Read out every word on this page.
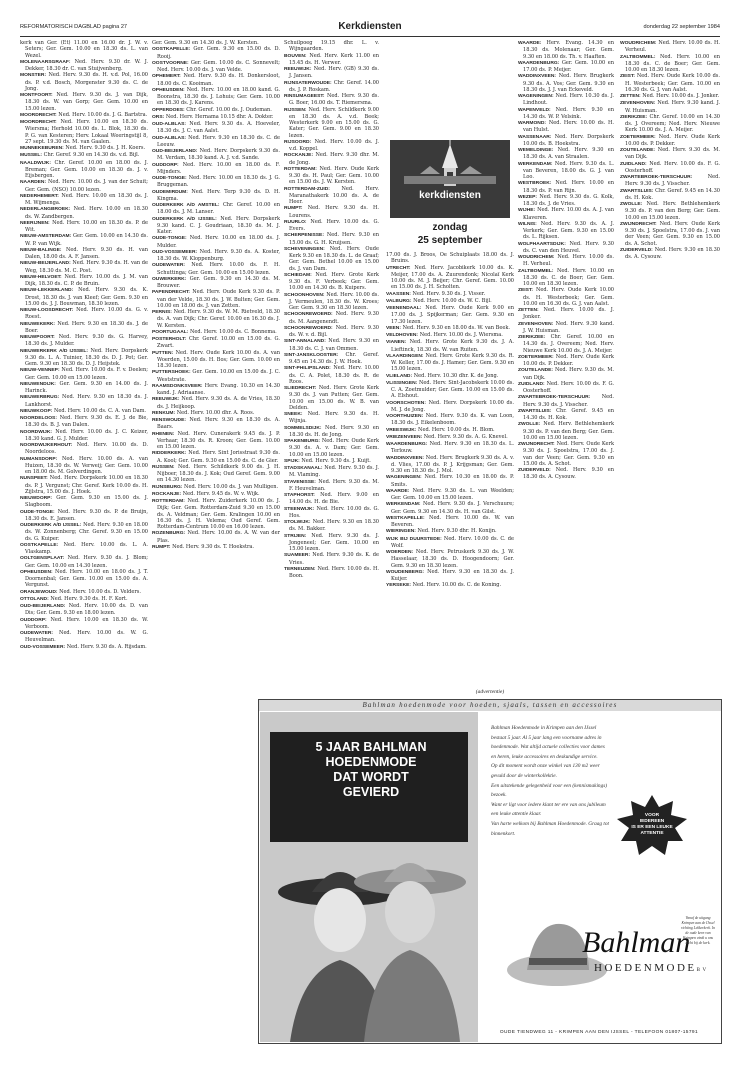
REFORMATORISCH DAGBLAD pagina 27	Kerkdiensten	donderdag 22 september 1984

kerk van Ger. (Et) 11.00 en 16.00 dr. J. W. v. Seters; Ger. Gem. 10.00 en 18.30 ds. L. van Wezel.

MOLENAARSGRAAF: Ned. Herv. 9.30 dr. W. J. Dekker, 18.30 dr. C. van Stuijvenberg.

MONSTER: Ned. Herv. 9.30 ds. H. v.d. Pol, 16.00 ds. P. v.d. Bosch, Morgenster 9.30 ds. C. de Jong.

MONTFOORT: Ned. Herv. 9.30 ds. J. van Dijk, 18.30 ds. W. van Gorp; Ger. Gem. 10.00 en 15.00 lezen.

MOORDRECHT: Ned. Herv. 10.00 ds. J. G. Bartstra.

MOORDRECHT: Ned. Herv. 10.00 en 18.30 ds. Wiersma; Herhold 10.00 ds. L. Blok, 18.30 ds. P. G. van Kesteren; Herv. Lokaal Weeringstijl 8, 27 sept. 19.30 ds. M. van Gaalen.

MUNNEKEBUREN: Ned. Herv. 9.30 ds. J. H. Koers.

MUSSEL: Chr. Geref. 9.30 en 14.30 ds. v.d. Bijl.

NAALDWIJK: Chr. Geref. 10.00 en 18.00 ds. J. Breman; Ger. Gem. 10.00 en 18.30 ds. J. v. Eijsbergen.

NAARDEN: Ned. Herv. 10.00 ds. J. van der Schuit; Ger. Gem. (NSO) 10.00 lezen.

NEDERHEMERT: Ned. Herv. 10.00 en 18.30 ds. J. M. Wijmenga.

NEDERLANGBROEK: Ned. Herv. 10.00 en 18.30 ds. W. Zandbergen.

NEERIJNEN: Ned. Herv. 10.00 en 18.30 ds. P. de Wit.

NIEUW-AMSTERDAM: Ger. Gem. 10.00 en 14.30 ds. W. P. van Wijk.

NIEUW-BALINGE: Ned. Herv. 9.30 ds. H. van Dalen, 18.00 ds. A. F. Jansen.

NIEUW-BEIJERLAND: Ned. Herv. 9.30 ds. H. van de Weg, 18.30 ds. M. C. Post.

NIEUW-HELVOET: Ned. Herv. 10.00 ds. J. M. van Dijk, 18.30 ds. C. P. de Bruin.

NIEUW-LEKKERLAND: Ned. Herv. 9.30 ds. K. Drost, 18.30 ds. J. van Kleef; Ger. Gem. 9.30 en 15.00 ds. J. J. Bouwman, 18.30 lezen.

NIEUW-LOOSDRECHT: Ned. Herv. 10.00 ds. G. v. Roest.

NIEUWEKERK: Ned. Herv. 9.30 en 18.30 ds. J. de Boer.

NIEUWPOORT: Ned. Herv. 9.30 ds. G. Harvey, 18.30 ds. J. Mulder.

NIEUWERKERK A/D IJSSEL: Ned. Herv. Dorpskerk 9.30 ds. L. A. Tuinier, 18.30 ds. D. J. Pot; Ger. Gem. 9.30 en 18.30 ds. D. J. Heijstek.

NIEUW-VENNEP: Ned. Herv. 10.00 ds. F. v. Deelen; Ger. Gem. 10.00 en 15.00 lezen.

NIEUWENDIJK: Ger. Gem. 9.30 en 14.00 ds. J. Harinck.

NIEUWERBRUG: Ned. Herv. 9.30 en 18.30 ds. J. Lankhorst.

NIEUWKOOP: Ned. Herv. 10.00 ds. C. A. van Dam.

NOORDELOOS: Ned. Herv. 9.30 ds. E. J. de Bie, 18.30 ds. B. J. van Dalen.

NOORDWIJK: Ned. Herv. 10.00 ds. J. C. Keizer, 18.30 kand. G. J. Mulder.

NOORDWIJKERHOUT: Ned. Herv. 10.00 ds. D. Noordeloos.

NUMANSDORP: Ned. Herv. 10.00 ds. A. van Huizen, 18.30 ds. W. Verweij; Ger. Gem. 10.00 en 18.00 ds. M. Golverdingen.

NUNSPEET: Ned. Herv. Dorpskerk 10.00 en 18.30 ds. P. J. Vergunst; Chr. Geref. Kerk 10.00 ds. H. Zijlstra, 15.00 ds. J. Hoek.

NIEUWDORP: Ger. Gem. 9.30 en 15.00 ds. J. Slagboom.

OUDE-TONGE: Ned. Herv. 9.30 ds. P. de Bruijn, 18.30 ds. E. Jansen.

OUDERKERK A/D IJSSEL: Ned. Herv. 9.30 en 18.00 ds. W. Zonnenberg; Chr. Geref. 9.30 en 15.00 ds. G. Kuiper.

OOSTKAPELLE: Ned. Herv. 10.00 ds. L. A. Vlaskamp.

OOLTGENSPLAAT: Ned. Herv. 9.30 ds. J. Blom; Ger. Gem. 10.00 en 14.30 lezen.

OPHEUSDEN: Ned. Herv. 10.00 en 18.00 ds. J. T. Doornenbal; Ger. Gem. 10.00 en 15.00 ds. A. Vergunst.

ORANJEWOUD: Ned. Herv. 10.00 ds. D. Velders.

OTTOLAND: Ned. Herv. 9.30 ds. H. F. Kort.

OUD-BEIJERLAND: Ned. Herv. 10.00 ds. D. van Dis; Ger. Gem. 9.30 en 18.00 lezen.

OUDDORP: Ned. Herv. 10.00 en 18.30 ds. W. Verboom.

OUDEWATER: Ned. Herv. 10.00 ds. W. G. Heuvelman.

OUD-VOSSEMEER: Ned. Herv. 9.30 ds. A. Rijsdam.

Ger. Gem. 9.30 en 14.30 ds. J. W. Kersten.

OOSTKAPELLE: Ger. Gem. 9.30 en 15.00 ds. D. Rooij.

OOSTVOORNE: Ger. Gem. 10.00 ds. C. Sonnevelt; Ned. Herv. 10.00 ds. J. van Velde.

OPHEMERT: Ned. Herv. 9.30 ds. H. Donkersloot, 18.00 ds. C. Kooiman.

OPHEUSDEN: Ned. Herv. 10.00 en 18.00 kand. G. Boonstra, 18.30 ds. J. Lohuis; Ger. Gem. 10.00 en 18.30 ds. J. Karens.

OPPERDOES: Chr. Geref. 10.00 ds. J. Oudeman.

ORS: Ned. Herv. Hernama 10.15 dhr. A. Dokter.

OUD-ALBLAS: Ned. Herv. 9.30 ds. A. Hoeveler, 18.30 ds. J. C. van Aalst.

OUD-ALBLAS: Ned. Herv. 9.30 en 18.30 ds. C. de Leeuw.

OUD-BEIJERLAND: Ned. Herv. Dorpskerk 9.30 ds. M. Verdam, 18.30 kand. A. J. v.d. Sande.

OUDDORP: Ned. Herv. 10.00 en 18.00 ds. F. Mijnders.

OUDE-TONGE: Ned. Herv. 10.00 en 18.30 ds. J. G. Bruggeman.

OUDEMIRDUM: Ned. Herv. Terp 9.30 ds. D. H. Kingma.

OUDERKERK A/D AMSTEL: Chr. Geref. 10.00 en 18.00 ds. J. M. Lanser.

OUDERKERK A/D IJSSEL: Ned. Herv. Dorpskerk 9.30 kand. C. J. Goudriaan, 18.30 ds. M. J. Kater.

OUDE-TONGE: Ned. Herv. 10.00 en 18.00 ds. J. Mulder.

OUD-VOSSEMEER: Ned. Herv. 9.30 ds. A. Koster, 18.30 ds. W. Kloppenburg.

OUDEWATER: Ned. Herv. 10.00 ds. F. H. Schuttinga; Ger. Gem. 10.00 en 15.00 lezen.

OUWERKERK: Ger. Gem. 9.30 en 14.30 ds. M. Brouwer.

PAPENDRECHT: Ned. Herv. Oude Kerk 9.30 ds. P. van der Velde, 18.30 ds. J. W. Bulten; Ger. Gem. 10.00 en 18.00 ds. J. van Zetten.

PERNIS: Ned. Herv. 9.30 ds. W. M. Rietveld, 18.30 ds. A. van Dijk; Chr. Geref. 10.00 en 16.30 ds. J. W. Kersten.

POORTUGAAL: Ned. Herv. 10.00 ds. C. Bonnema.

POSTERHOLT: Chr. Geref. 10.00 en 15.00 ds. G. Zwart.

PUTTEN: Ned. Herv. Oude Kerk 10.00 ds. A. van Woerden, 15.00 ds. H. Bos; Ger. Gem. 10.00 en 18.30 lezen.

PUTTERSHOEK: Ger. Gem. 10.00 en 15.00 ds. J. C. Weststrate.

RAAMSDONKSVEER: Herv. Evang. 10.30 en 14.30 kand. J. Adriaanse.

REEUWIJK: Ned. Herv. 9.30 ds. A. de Vries, 18.30 ds. J. Heijkoop.

RENKUM: Ned. Herv. 10.00 dhr. A. Roos.

RENSWOUDE: Ned. Herv. 9.30 en 18.30 ds. A. Baars.

RHENEN: Ned. Herv. Cunerakerk 9.45 ds. J. P. Verhaar, 18.30 ds. R. Kroon; Ger. Gem. 10.00 en 15.00 lezen.

RIDDERKERK: Ned. Herv. Sint Jorisstraat 9.30 ds. A. Kool; Ger. Gem. 9.30 en 15.00 ds. C. de Gier.

RIJSSEN: Ned. Herv. Schildkerk 9.00 ds. J. H. Nijboer, 18.30 ds. J. Kok; Oud Geref. Gem. 9.00 en 14.30 lezen.

RIJNSBURG: Ned. Herv. 10.00 ds. J. van Mulligen.

ROCKANJE: Ned. Herv. 9.45 ds. W. v. Wijk.

ROTTERDAM: Ned. Herv. Zuiderkerk 10.00 ds. J. Dijk; Ger. Gem. Rotterdam-Zuid 9.30 en 15.00 ds. A. Veldman; Ger. Gem. Kralingen 10.00 en 16.30 ds. J. H. Velema; Oud Geref. Gem. Rotterdam-Centrum 10.00 en 16.00 lezen.

ROZENBURG: Ned. Herv. 10.00 ds. A. W. van der Plas.

RUMPT: Ned. Herv. 9.30 ds. T. Hoekstra.

Schuilpoeg 19.15 dhr. L. v. Wijngaarden.

BOUVEN: Ned. Herv. Kerk 11.00 en 15.45 ds. H. Verwer.

REEUWIJK: Ned. Herv. (GB) 9.30 ds. J. Jansen.

RIJNSATERWOUDE: Chr. Geref. 14.00 ds. J. P. Roskam.

RINSUMAGEEST: Ned. Herv. 9.30 ds. G. Boer, 16.00 ds. T. Riemersma.

RIJSSEN: Ned. Herv. Schildkerk 9.00 en 18.30 ds. A. v.d. Beek; Westerkerk 9.00 en 15.00 ds. G. Kater; Ger. Gem. 9.00 en 18.30 lezen.

RIJSOORD: Ned. Herv. 10.00 ds. J. v.d. Koppel.

ROCKANJE: Ned. Herv. 9.30 dhr. M. de Jong.

ROTTERDAM: Ned. Herv. Oude Kerk 9.30 ds. H. Paul; Ger. Gem. 10.00 en 15.00 ds. J. W. Kersten.

ROTTERDAM-ZUID: Ned. Herv. Maranathakerk 10.00 ds. A. de Heer.

RUMPT: Ned. Herv. 9.30 ds. H. Lourens.

RUURLO: Ned. Herv. 10.00 ds. G. Evers.

SCHERPENISSE: Ned. Herv. 9.30 en 15.00 ds. G. H. Kruijsen.

SCHEVENINGEN: Ned. Herv. Oude Kerk 9.30 en 18.30 ds. L. de Graaf; Ger. Gem. Bethel 10.00 en 15.00 ds. J. van Dam.

SCHIEDAM: Ned. Herv. Grote Kerk 9.30 ds. F. Verbeek; Ger. Gem. 10.00 en 14.30 ds. B. Kuipers.

SCHOONHOVEN: Ned. Herv. 10.00 ds. J. Vermeulen, 18.30 ds. W. Kroes; Ger. Gem. 9.30 en 18.30 lezen.

SCHOONREWOERD: Ned. Herv. 9.30 ds. M. Aangenendt.

SCHOONREWOERD: Ned. Herv. 9.30 ds. W. v. d. Bijl.

SINT-ANNALAND: Ned. Herv. 9.30 en 18.30 ds. C. J. van Ommen.

SINT-JANSKLOOSTER: Chr. Geref. 9.45 en 14.30 ds. J. W. Hoek.

SINT-PHILIPSLAND: Ned. Herv. 10.00 ds. C. A. Polet, 18.30 ds. R. de Roos.

SLIEDRECHT: Ned. Herv. Grote Kerk 9.30 ds. J. van Putten; Ger. Gem. 10.00 en 15.00 ds. W. B. van Delden.

SNEEK: Ned. Herv. 9.30 ds. H. Wijnja.

SOMMELSDIJK: Ned. Herv. 9.30 en 18.30 ds. H. de Jong.

SPAKENBURG: Ned. Herv. Oude Kerk 9.30 ds. A. v. Dam; Ger. Gem. 10.00 en 15.00 lezen.

SPIJK: Ned. Herv. 9.30 ds. J. Kuijt.

STADSKANAAL: Ned. Herv. 9.30 ds. J. M. Vlaming.

STAVENISSE: Ned. Herv. 9.30 ds. M. F. Heuvelman.

STAPHORST: Ned. Herv. 9.00 en 14.00 ds. H. de Bie.

STEENWIJK: Ned. Herv. 10.00 ds. G. Hos.

STOLWIJK: Ned. Herv. 9.30 en 18.30 ds. M. Bakker.

STRIJEN: Ned. Herv. 9.30 ds. J. Jongeneel; Ger. Gem. 10.00 en 15.00 lezen.

SUAMEER: Ned. Herv. 9.30 ds. K. de Vries.

TERNEUZEN: Ned. Herv. 10.00 ds. H. Boon.

17.00 ds. J. Broos, Oe Schuiplaats 18.00 ds. J. Bruins.

UTRECHT: Ned. Herv. Jacobikerk 10.00 ds. K. Meijer, 17.00 ds. A. Zuurendonk; Nicolaï Kerk 10.00 ds. M. J. Beijer; Chr. Geref. Gem. 10.00 en 15.00 ds. J. H. Scholten.

VAASSEN: Ned. Herv. 9.30 ds. J. Visser.

VALBURG: Ned. Herv. 10.00 ds. W. C. Bijl.

VEENENDAAL: Ned. Herv. Oude Kerk 9.00 en 17.00 ds. J. Spijkerman; Ger. Gem. 9.30 en 17.30 lezen.

VEEN: Ned. Herv. 9.30 en 18.00 ds. W. van Beek.

VELDHOVEN: Ned. Herv. 10.00 ds. J. Wiersma.

VIANEN: Ned. Herv. Grote Kerk 9.30 ds. J. A. Lieftinck, 18.30 ds. W. van Ruiten.

VLAARDINGEN: Ned. Herv. Grote Kerk 9.30 ds. R. W. Keller, 17.00 ds. J. Hamer; Ger. Gem. 9.30 en 15.00 lezen.

VLIELAND: Ned. Herv. 10.30 dhr. K. de Jong.

VLISSINGEN: Ned. Herv. Sint-Jacobskerk 10.00 ds. C. A. Zoetmulder; Ger. Gem. 10.00 en 15.00 ds. A. Elshout.

VOORSCHOTEN: Ned. Herv. Dorpskerk 10.00 ds. M. J. de Jong.

VOORTHUIZEN: Ned. Herv. 9.30 ds. K. van Loon, 18.30 ds. J. Eikelenboom.

VREESWIJK: Ned. Herv. 10.00 ds. H. Blom.

VRIEZENVEEN: Ned. Herv. 9.30 ds. A. G. Knevel.

WAARDENBURG: Ned. Herv. 9.30 en 18.30 ds. L. Terlouw.

WADDINXVEEN: Ned. Herv. Brugkerk 9.30 ds. A. v. d. Vlies, 17.00 ds. P. J. Krijgsman; Ger. Gem. 9.30 en 18.30 ds. J. Mol.

WAGENINGEN: Ned. Herv. 10.30 en 18.00 ds. P. Smits.

WAARDE: Ned. Herv. 9.30 ds. L. van Weelden; Ger. Gem. 10.00 en 15.00 lezen.

WERKENDAM: Ned. Herv. 9.30 ds. J. Verschuure; Ger. Gem. 9.30 en 14.30 ds. H. van Gilst.

WESTKAPELLE: Ned. Herv. 10.00 ds. W. van Beveren.

WIERINGEN: Ned. Herv. 9.30 dhr. H. Konijn.

WIJK BIJ DUURSTEDE: Ned. Herv. 10.00 ds. C. de Wolf.

WOERDEN: Ned. Herv. Petruskerk 9.30 ds. J. W. Hasselaar, 18.30 ds. D. Hoogendoorn; Ger. Gem. 9.30 en 18.30 lezen.

WOUDENBERG: Ned. Herv. 9.30 en 18.30 ds. J. Kuijer.

YERSEKE: Ned. Herv. 10.00 ds. C. de Koning.

WAARDE: Herv. Evang. 14.30 en 18.30 ds. Molenaar; Ger. Gem. 9.30 en 18.00 ds. Th. v. Haaften.

WAARDENBURG: Ger. Gem. 10.00 en 17.00 ds. P. Meijer.

WADDINXVEEN: Ned. Herv. Brugkerk 9.30 ds. A. Vos; Ger. Gem. 9.30 en 18.30 ds. J. J. van Eckeveld.

WAGENINGEN: Ned. Herv. 10.30 ds. J. Lindhout.

WAPENVELD: Ned. Herv. 9.30 en 14.30 ds. W. P. Velsink.

WARMOND: Ned. Herv. 10.00 ds. H. van Hulst.

WASSENAAR: Ned. Herv. Dorpskerk 10.00 ds. B. Hoekstra.

WEMELDINGE: Ned. Herv. 9.30 en 18.30 ds. A. van Straalen.

WERKENDAM: Ned. Herv. 9.30 ds. L. van Beveren, 18.00 ds. G. J. van Loo.

WESTBROEK: Ned. Herv. 10.00 en 18.30 ds. P. van Rijn.

WEZEP: Ned. Herv. 9.30 ds. G. Kolk, 18.30 ds. J. de Vries.

WIJHE: Ned. Herv. 10.00 ds. A. J. van Klaveren.

WILNIS: Ned. Herv. 9.30 ds. A. J. Verkerk; Ger. Gem. 9.30 en 15.00 ds. L. Rijksen.

WOLPHAARTSDIJK: Ned. Herv. 9.30 ds. C. van den Heuvel.

WOUDRICHEM: Ned. Herv. 10.00 ds. H. Verheul.

ZALTBOMMEL: Ned. Herv. 10.00 en 18.30 ds. C. de Boer; Ger. Gem. 10.00 en 18.30 lezen.

ZEIST: Ned. Herv. Oude Kerk 10.00 ds. H. Westerbeek; Ger. Gem. 10.00 en 16.30 ds. G. J. van Aalst.

ZETTEN: Ned. Herv. 10.00 ds. J. Jonker.

ZEVENHOVEN: Ned. Herv. 9.30 kand. J. W. Huisman.

ZIERIKZEE: Chr. Geref. 10.00 en 14.30 ds. J. Overeem; Ned. Herv. Nieuwe Kerk 10.00 ds. J. A. Meijer.

ZOETERMEER: Ned. Herv. Oude Kerk 10.00 ds. P. Dekker.

ZOUTELANDE: Ned. Herv. 9.30 ds. M. van Dijk.

ZUIDLAND: Ned. Herv. 10.00 ds. F. G. Oosterhoff.

ZWARTEBROEK-TERSCHUUR: Ned. Herv. 9.30 ds. J. Visscher.

ZWARTSLUIS: Chr. Geref. 9.45 en 14.30 ds. H. Kok.

ZWOLLE: Ned. Herv. Bethlehemkerk 9.30 ds. P. van den Berg; Ger. Gem. 10.00 en 15.00 lezen.

ZWIJNDRECHT: Ned. Herv. Oude Kerk 9.30 ds. J. Spoelstra, 17.00 ds. J. van der Veen; Ger. Gem. 9.30 en 15.00 ds. A. Schot.

ZUIDERVELD: Ned. Herv. 9.30 en 18.30 ds. A. Cysouw.

WOUDRICHEM: Ned. Herv. 10.00 ds. H. Verheul.

ZALTBOMMEL: Ned. Herv. 10.00 en 18.30 ds. C. de Boer; Ger. Gem. 10.00 en 18.30 lezen.

ZEIST: Ned. Herv. Oude Kerk 10.00 ds. H. Westerbeek; Ger. Gem. 10.00 en 16.30 ds. G. J. van Aalst.

ZETTEN: Ned. Herv. 10.00 ds. J. Jonker.

ZEVENHOVEN: Ned. Herv. 9.30 kand. J. W. Huisman.

ZIERIKZEE: Chr. Geref. 10.00 en 14.30 ds. J. Overeem; Ned. Herv. Nieuwe Kerk 10.00 ds. J. A. Meijer.

ZOETERMEER: Ned. Herv. Oude Kerk 10.00 ds. P. Dekker.

ZOUTELANDE: Ned. Herv. 9.30 ds. M. van Dijk.

ZUIDLAND: Ned. Herv. 10.00 ds. F. G. Oosterhoff.

ZWARTEBROEK-TERSCHUUR:	Ned. Herv. 9.30 ds. J. Visscher.

ZWARTSLUIS: Chr. Geref. 9.45 en 14.30 ds. H. Kok.

ZWOLLE: Ned. Herv. Bethlehemkerk 9.30 ds. P. van den Berg; Ger. Gem. 10.00 en 15.00 lezen.

ZWIJNDRECHT: Ned. Herv. Oude Kerk 9.30 ds. J. Spoelstra, 17.00 ds. J. van der Veen; Ger. Gem. 9.30 en 15.00 ds. A. Schot.

ZUIDERVELD: Ned. Herv. 9.30 en 18.30 ds. A. Cysouw.

kerkdiensten
zondag
25 september
(advertentie)
Bahlman hoedenmode voor hoeden, sjaals, tassen en accessoires
5 JAAR BAHLMAN
HOEDENMODE
DAT WORDT
GEVIERD

Bahlman Hoedenmode in Krimpen aan den IJssel bestaat 5 jaar. Al 5 jaar lang een voorname adres in hoedenmode. Wat altijd actuele collecties voor dames en heren, leuke accessoires en deskundige service.

Op dit moment wordt onze winkel van 130 m2 weer gevuld door de winterkollektie.

Een uitstekende gelegenheid voor een (kennismakings) bezoek.

Want er ligt voor iedere klant ter ere van ons jubileum een leuke attentie klaar.

Van harte welkom bij Bahlman Hoedenmode. Graag tot binnenkort.

VOOR
IEDEREEN
IS ER EEN LEUKE
ATTENTIE
Bahlman
HOEDENMODEBV
Vanaf de uitgang Krimpen aan de IJssel richting Lekkerkerk. In de oude kern van Krimpen vindt u ons dicht bij de kerk.
OUDE TIENDWEG 11 - KRIMPEN AAN DEN IJSSEL - TELEFOON 01807-15791
